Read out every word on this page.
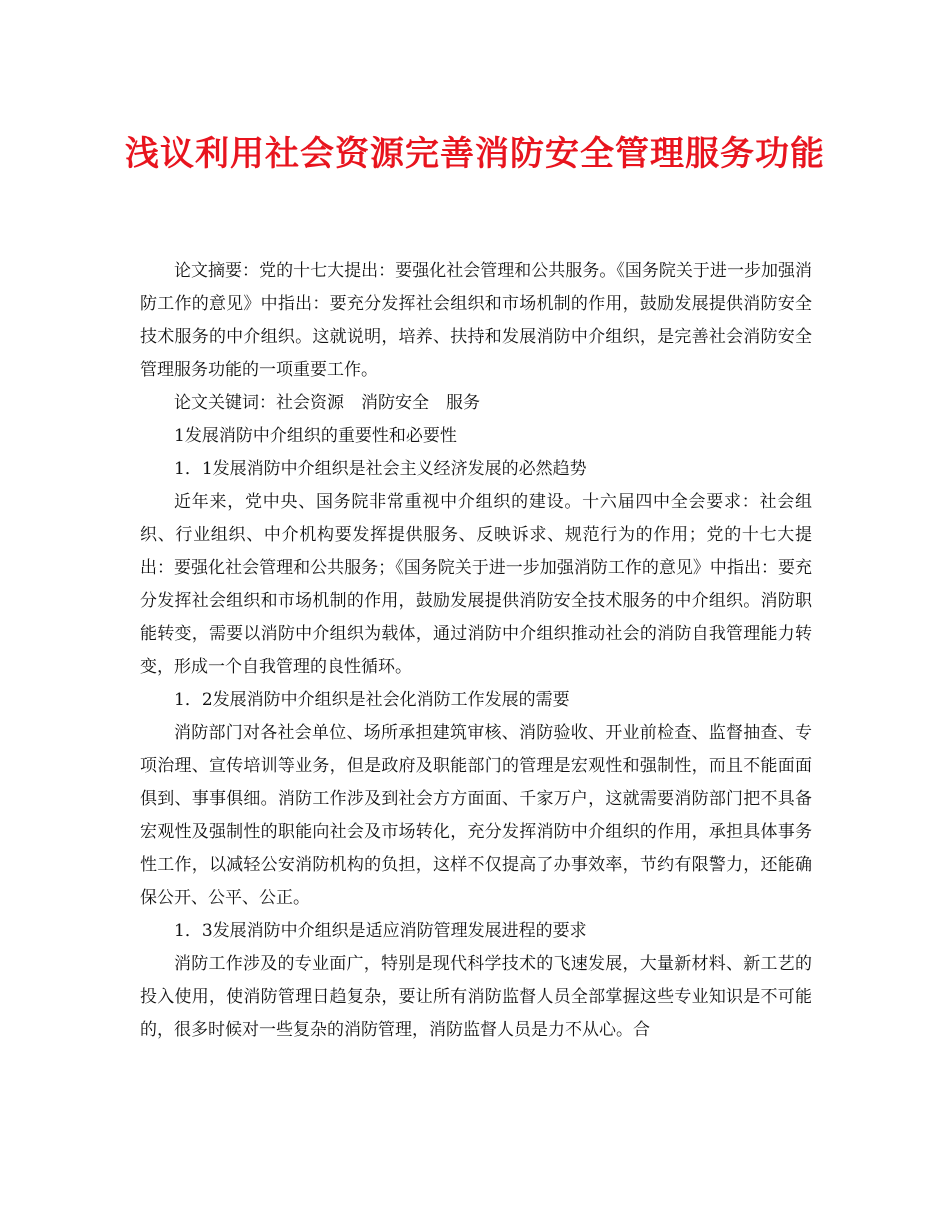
浅议利用社会资源完善消防安全管理服务功能

论文摘要：党的十七大提出：要强化社会管理和公共服务。《国务院关于进一步加强消防工作的意见》中指出：要充分发挥社会组织和市场机制的作用，鼓励发展提供消防安全技术服务的中介组织。这就说明，培养、扶持和发展消防中介组织，是完善社会消防安全管理服务功能的一项重要工作。

论文关键词：社会资源　消防安全　服务

1发展消防中介组织的重要性和必要性

1．1发展消防中介组织是社会主义经济发展的必然趋势

近年来，党中央、国务院非常重视中介组织的建设。十六届四中全会要求：社会组织、行业组织、中介机构要发挥提供服务、反映诉求、规范行为的作用；党的十七大提出：要强化社会管理和公共服务；《国务院关于进一步加强消防工作的意见》中指出：要充分发挥社会组织和市场机制的作用，鼓励发展提供消防安全技术服务的中介组织。消防职能转变，需要以消防中介组织为载体，通过消防中介组织推动社会的消防自我管理能力转变，形成一个自我管理的良性循环。

1．2发展消防中介组织是社会化消防工作发展的需要

消防部门对各社会单位、场所承担建筑审核、消防验收、开业前检查、监督抽查、专项治理、宣传培训等业务，但是政府及职能部门的管理是宏观性和强制性，而且不能面面俱到、事事俱细。消防工作涉及到社会方方面面、千家万户，这就需要消防部门把不具备宏观性及强制性的职能向社会及市场转化，充分发挥消防中介组织的作用，承担具体事务性工作，以减轻公安消防机构的负担，这样不仅提高了办事效率，节约有限警力，还能确保公开、公平、公正。

1．3发展消防中介组织是适应消防管理发展进程的要求

消防工作涉及的专业面广，特别是现代科学技术的飞速发展，大量新材料、新工艺的投入使用，使消防管理日趋复杂，要让所有消防监督人员全部掌握这些专业知识是不可能的，很多时候对一些复杂的消防管理，消防监督人员是力不从心。合
